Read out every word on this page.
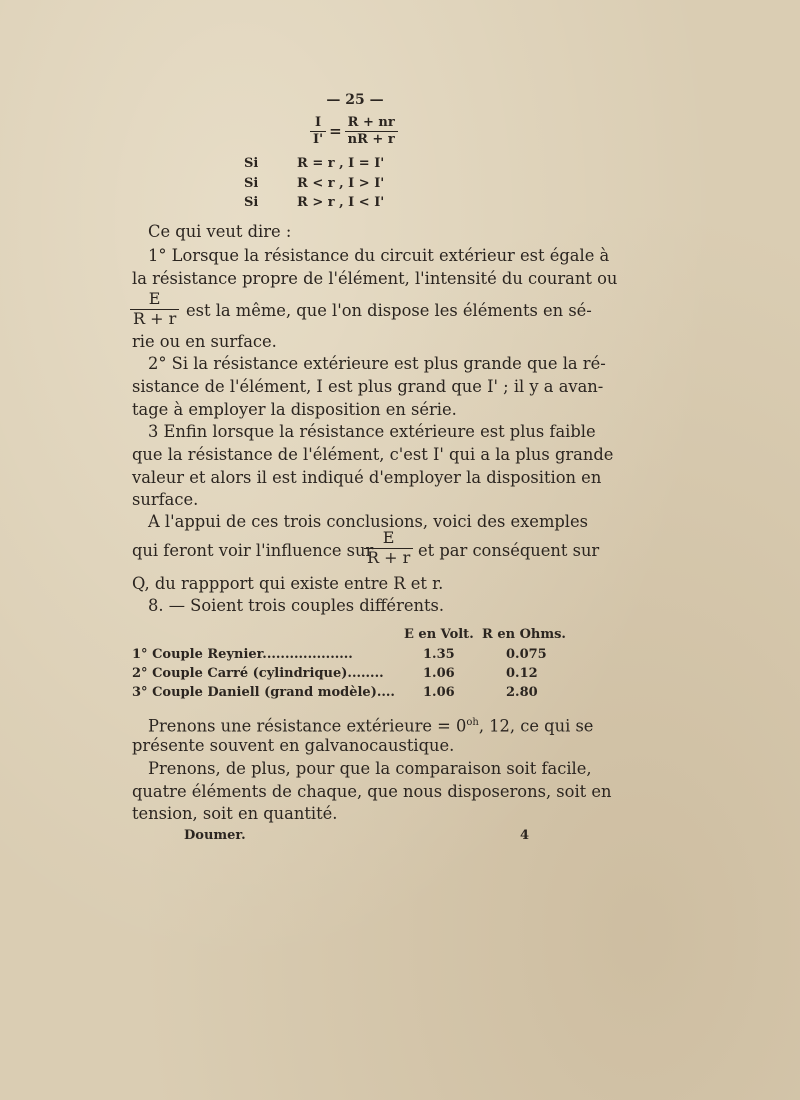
— 25 —
$\frac{I}{I'} = \frac{R + nr}{nR + r}$
Si	R = r , I = I'
Si	R < r , I > I'
Si	R > r , I < I'
Ce qui veut dire :
1° Lorsque la résistance du circuit extérieur est égale à
la résistance propre de l'élément, l'intensité du courant ou
$\frac{E}{R + r}$ est la même, que l'on dispose les éléments en sé-
rie ou en surface.
2° Si la résistance extérieure est plus grande que la ré-
sistance de l'élément, I est plus grand que I' ; il y a avan-
tage à employer la disposition en série.
3 Enfin lorsque la résistance extérieure est plus faible
que la résistance de l'élément, c'est I' qui a la plus grande
valeur et alors il est indiqué d'employer la disposition en
surface.
A l'appui de ces trois conclusions, voici des exemples
qui feront voir l'influence sur
$\frac{E}{R + r}$ et par conséquent sur
Q, du rappport qui existe entre R et r.
8. — Soient trois couples différents.
E en Volt. R en Ohms.
1° Couple Reynier....................	1.35	0.075
2° Couple Carré (cylindrique)........	1.06	0.12
3° Couple Daniell (grand modèle).... 1.06	2.80
Prenons une résistance extérieure = $0^{oh}$, 12, ce qui se
présente souvent en galvanocaustique.
Prenons, de plus, pour que la comparaison soit facile,
quatre éléments de chaque, que nous disposerons, soit en
tension, soit en quantité.
Doumer.	4
